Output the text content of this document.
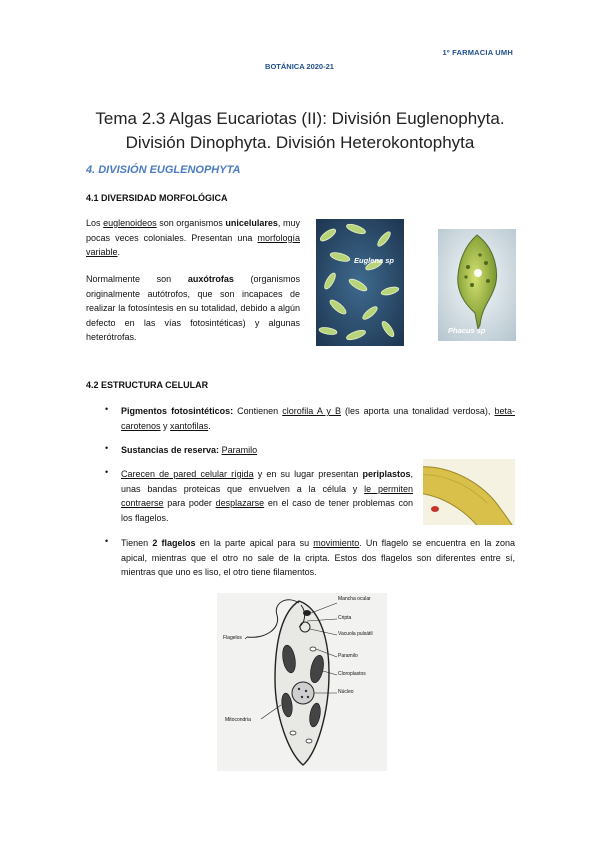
1º FARMACIA UMH
BOTÁNICA 2020-21
Tema 2.3 Algas Eucariotas (II): División Euglenophyta.
División Dinophyta. División Heterokontophyta
4. DIVISIÓN EUGLENOPHYTA
4.1 DIVERSIDAD MORFOLÓGICA
Los euglenoideos son organismos unicelulares, muy pocas veces coloniales. Presentan una morfología variable.
Normalmente son auxótrofas (organismos originalmente autótrofos, que son incapaces de realizar la fotosíntesis en su totalidad, debido a algún defecto en las vías fotosintéticas) y algunas heterótrofas.
Euglena sp
Phacus sp
4.2 ESTRUCTURA CELULAR
• Pigmentos fotosintéticos: Contienen clorofila A y B (les aporta una tonalidad verdosa), beta-carotenos y xantofilas.
• Sustancias de reserva: Paramilo
• Carecen de pared celular rígida y en su lugar presentan periplastos, unas bandas proteicas que envuelven a la célula y le permiten contraerse para poder desplazarse en el caso de tener problemas con los flagelos.
• Tienen 2 flagelos en la parte apical para su movimiento. Un flagelo se encuentra en la zona apical, mientras que el otro no sale de la cripta. Estos dos flagelos son diferentes entre sí, mientras que uno es liso, el otro tiene filamentos.
Mancha ocular
Cripta
Vacuola pulsátil
Flagelos
Paramilo
Cloroplastos
Núcleo
Mitocondria
